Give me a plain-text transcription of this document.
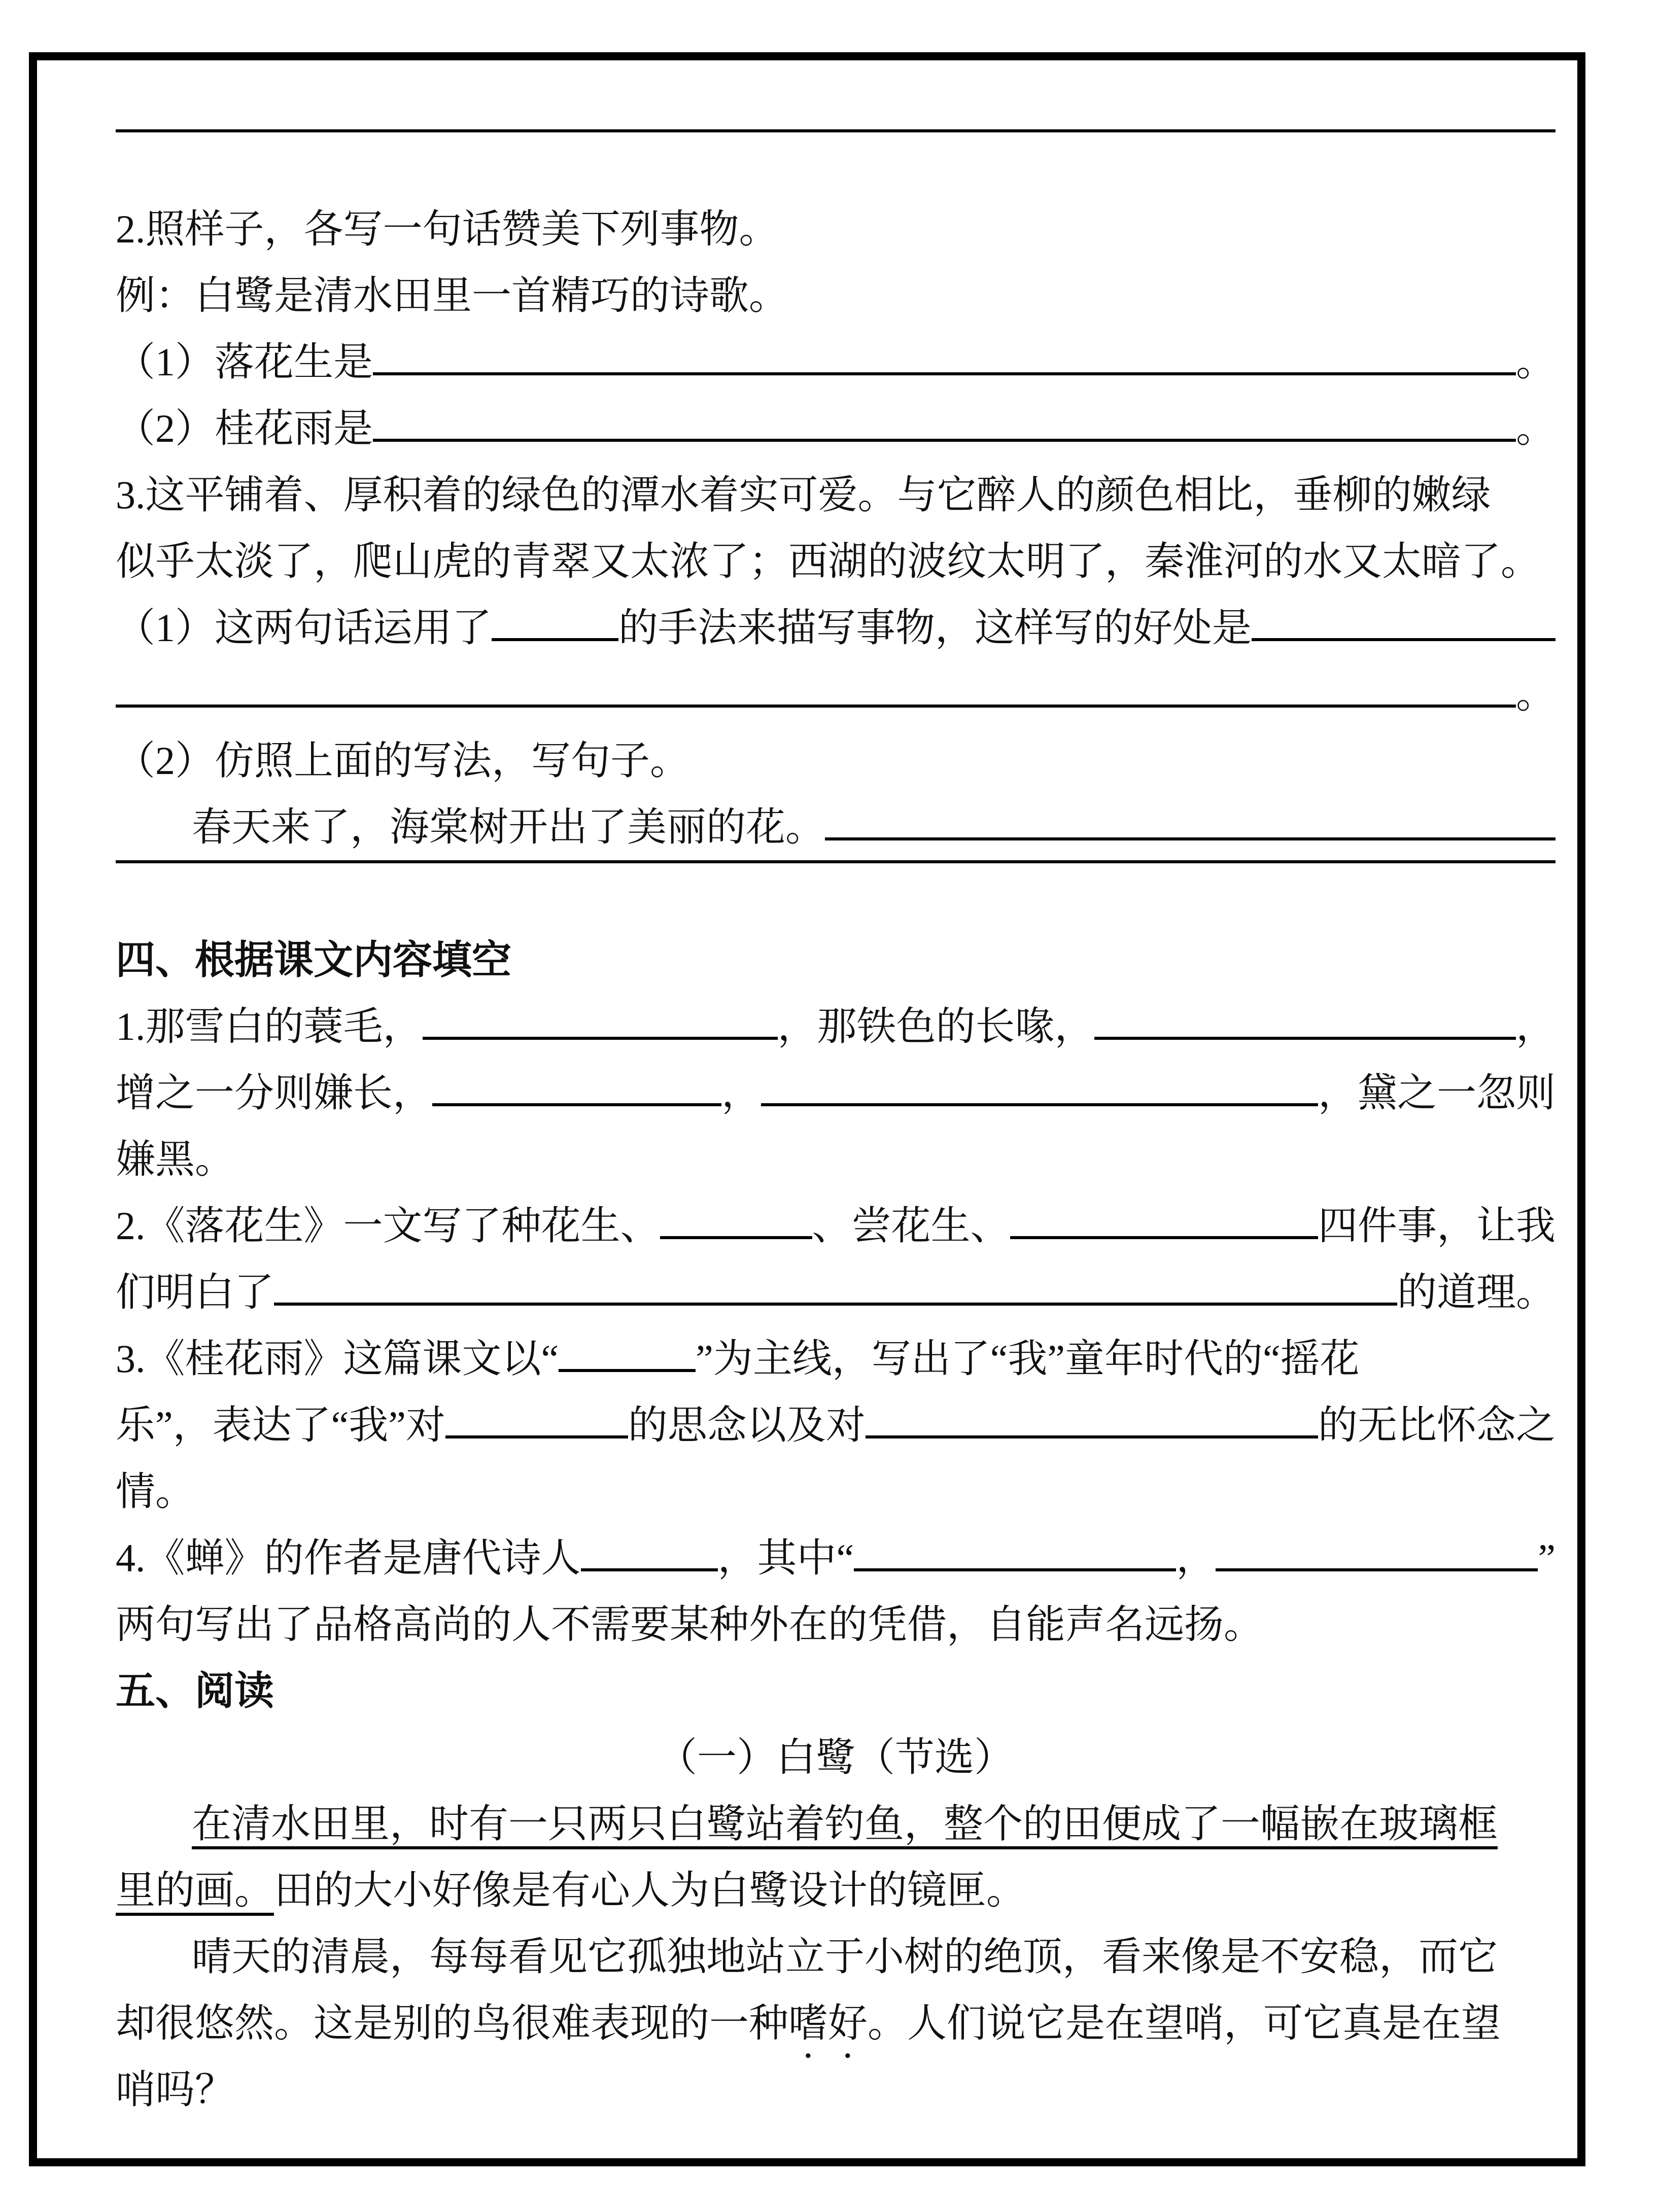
2.照样子，各写一句话赞美下列事物。
例：白鹭是清水田里一首精巧的诗歌。
（1）落花生是	。
（2）桂花雨是	。
3.这平铺着、厚积着的绿色的潭水着实可爱。与它醉人的颜色相比，垂柳的嫩绿
似乎太淡了，爬山虎的青翠又太浓了；西湖的波纹太明了，秦淮河的水又太暗了。
（1）这两句话运用了	的手法来描写事物，这样写的好处是
。
（2）仿照上面的写法，写句子。
春天来了，海棠树开出了美丽的花。
四、根据课文内容填空
1.那雪白的蓑毛，	，那铁色的长喙，	，
增之一分则嫌长，	，	，黛之一忽则
嫌黑。
2.《落花生》一文写了种花生、	、尝花生、	四件事，让我
们明白了	的道理。
3.《桂花雨》这篇课文以“	”为主线，写出了“我”童年时代的“摇花
乐”，表达了“我”对	的思念以及对	的无比怀念之
情。
4.《蝉》的作者是唐代诗人	，其中“	，	”
两句写出了品格高尚的人不需要某种外在的凭借，自能声名远扬。
五、阅读
（一）白鹭（节选）
在清水田里，时有一只两只白鹭站着钓鱼，整个的田便成了一幅嵌在玻璃框
里的画。 田的大小好像是有心人为白鹭设计的镜匣。
晴天的清晨，每每看见它孤独地站立于小树的绝顶，看来像是不安稳，而它
却很悠然。这是别的鸟很难表现的一种 嗜好 。人们说它是在望哨，可它真是在望
哨吗？
